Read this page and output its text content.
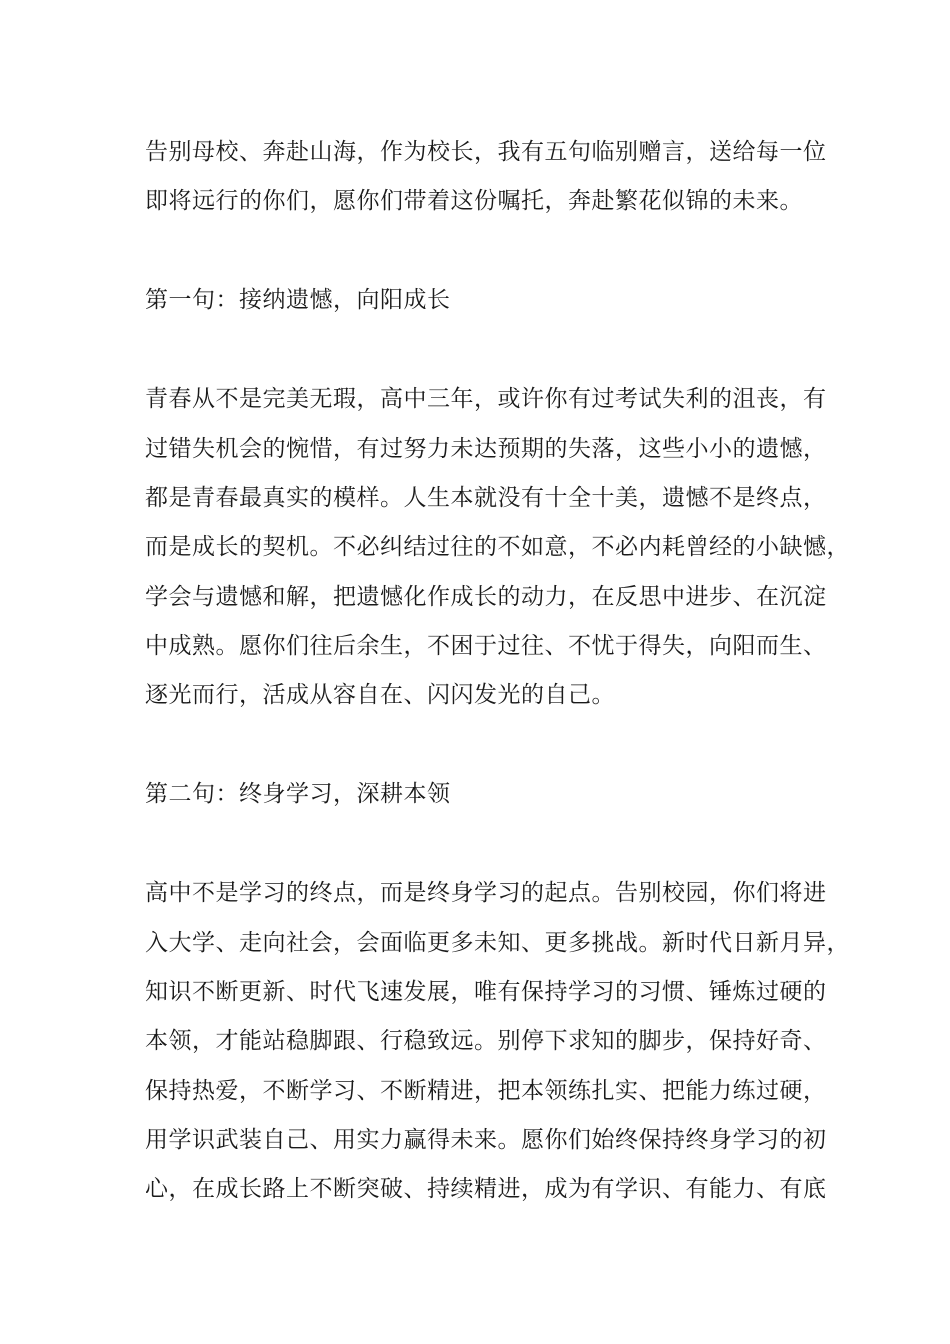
告别母校、奔赴山海，作为校长，我有五句临别赠言，送给每一位
即将远行的你们，愿你们带着这份嘱托，奔赴繁花似锦的未来。
第一句：接纳遗憾，向阳成长
青春从不是完美无瑕，高中三年，或许你有过考试失利的沮丧，有
过错失机会的惋惜，有过努力未达预期的失落，这些小小的遗憾，
都是青春最真实的模样。人生本就没有十全十美，遗憾不是终点，
而是成长的契机。不必纠结过往的不如意，不必内耗曾经的小缺憾，
学会与遗憾和解，把遗憾化作成长的动力，在反思中进步、在沉淀
中成熟。愿你们往后余生，不困于过往、不忧于得失，向阳而生、
逐光而行，活成从容自在、闪闪发光的自己。
第二句：终身学习，深耕本领
高中不是学习的终点，而是终身学习的起点。告别校园，你们将进
入大学、走向社会，会面临更多未知、更多挑战。新时代日新月异，
知识不断更新、时代飞速发展，唯有保持学习的习惯、锤炼过硬的
本领，才能站稳脚跟、行稳致远。别停下求知的脚步，保持好奇、
保持热爱，不断学习、不断精进，把本领练扎实、把能力练过硬，
用学识武装自己、用实力赢得未来。愿你们始终保持终身学习的初
心，在成长路上不断突破、持续精进，成为有学识、有能力、有底
